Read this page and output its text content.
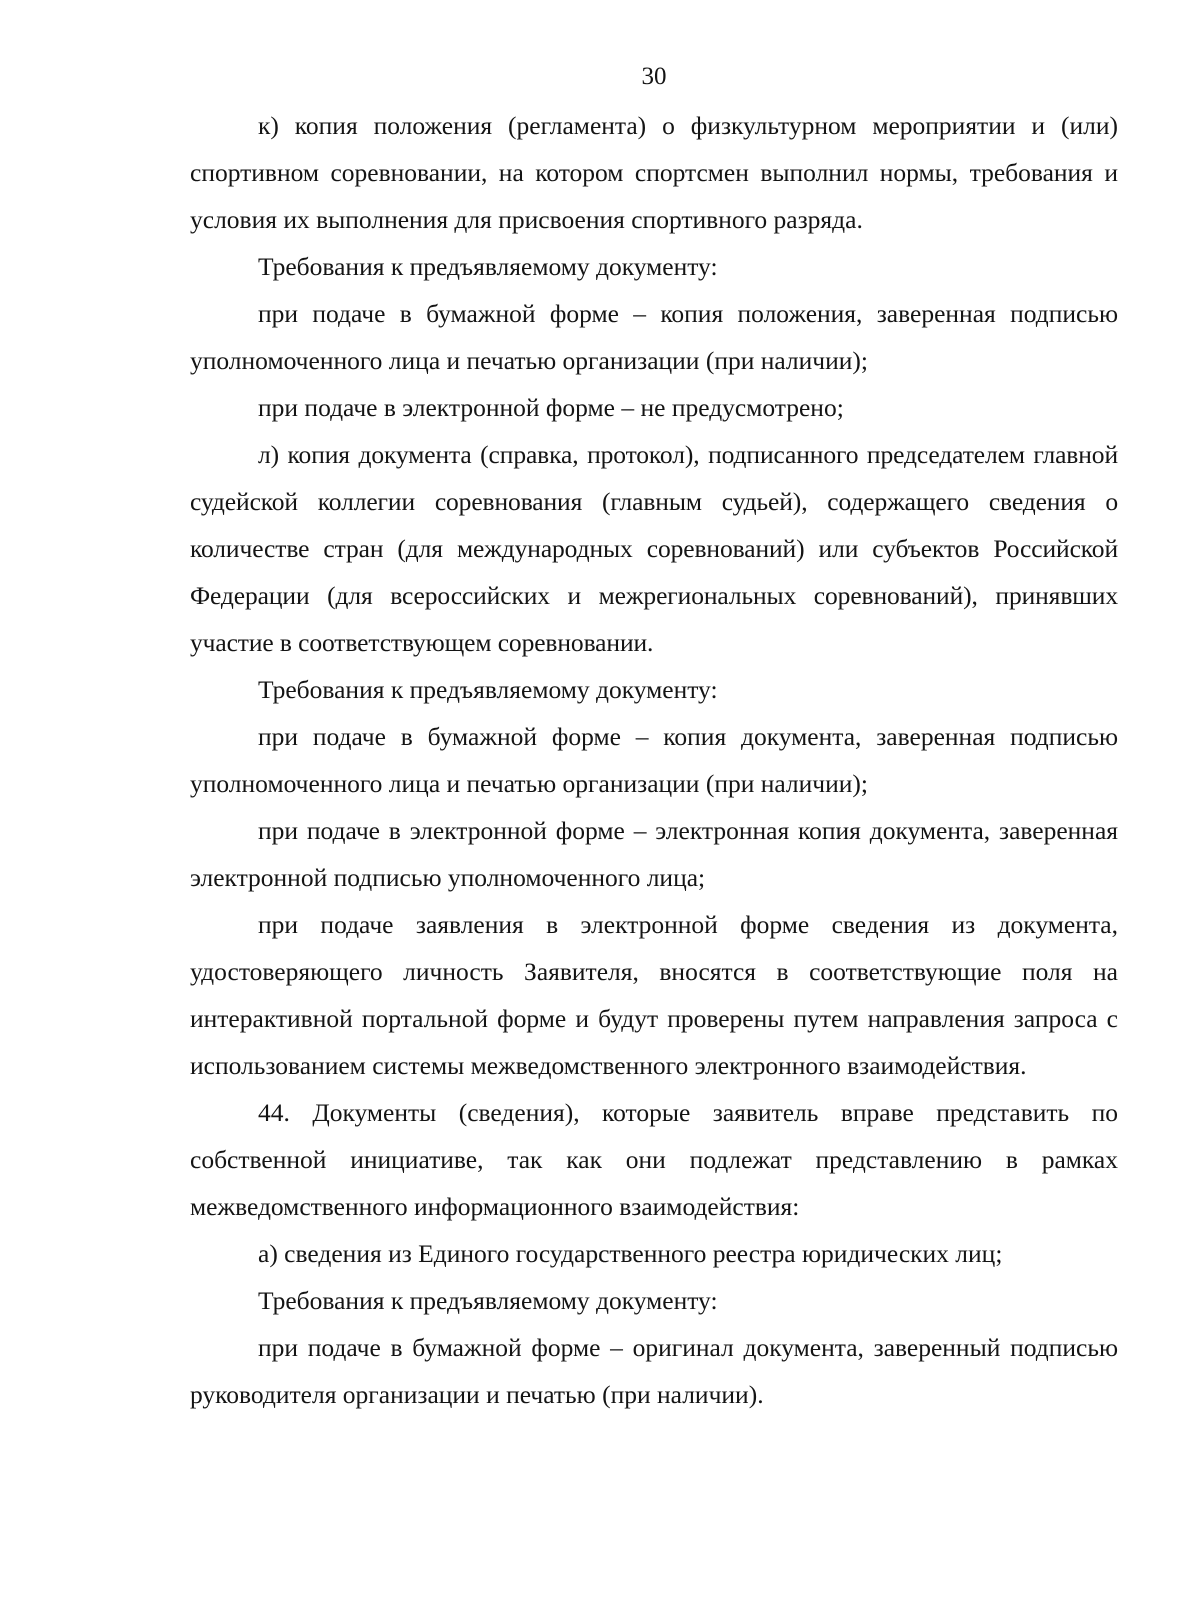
30

к) копия положения (регламента) о физкультурном мероприятии и (или) спортивном соревновании, на котором спортсмен выполнил нормы, требования и условия их выполнения для присвоения спортивного разряда.

Требования к предъявляемому документу:

при подаче в бумажной форме – копия положения, заверенная подписью уполномоченного лица и печатью организации (при наличии);

при подаче в электронной форме – не предусмотрено;

л) копия документа (справка, протокол), подписанного председателем главной судейской коллегии соревнования (главным судьей), содержащего сведения о количестве стран (для международных соревнований) или субъектов Российской Федерации (для всероссийских и межрегиональных соревнований), принявших участие в соответствующем соревновании.

Требования к предъявляемому документу:

при подаче в бумажной форме – копия документа, заверенная подписью уполномоченного лица и печатью организации (при наличии);

при подаче в электронной форме – электронная копия документа, заверенная электронной подписью уполномоченного лица;

при подаче заявления в электронной форме сведения из документа, удостоверяющего личность Заявителя, вносятся в соответствующие поля на интерактивной портальной форме и будут проверены путем направления запроса с использованием системы межведомственного электронного взаимодействия.

44. Документы (сведения), которые заявитель вправе представить по собственной инициативе, так как они подлежат представлению в рамках межведомственного информационного взаимодействия:

а) сведения из Единого государственного реестра юридических лиц;

Требования к предъявляемому документу:

при подаче в бумажной форме – оригинал документа, заверенный подписью руководителя организации и печатью (при наличии).
